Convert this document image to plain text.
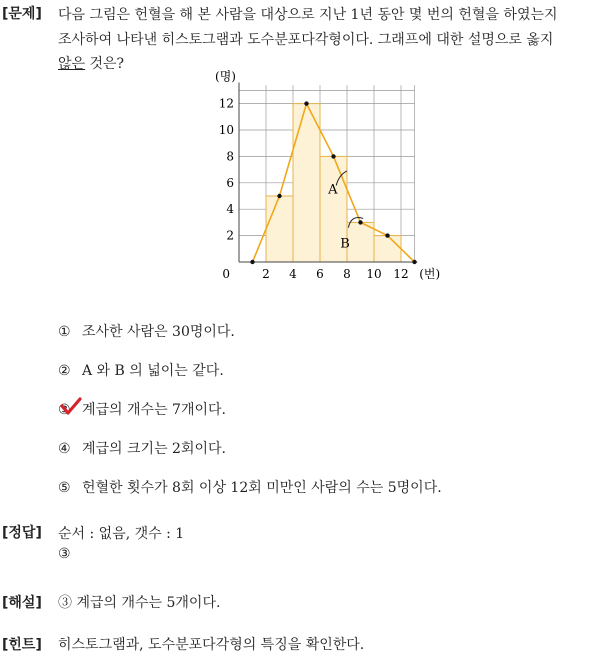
[문제] 다음 그림은 헌혈을 해 본 사람을 대상으로 지난 1년 동안 몇 번의 헌혈을 하였는지
조사하여 나타낸 히스토그램과 도수분포다각형이다. 그래프에 대한 설명으로 옳지
않은 것은?
2
4
6
8
10
12
2 4 6 8 10 12
0
(명)
(번)
A
B
① 조사한 사람은 30명이다.
② A 와 B 의 넓이는 같다.
③ 계급의 개수는 7개이다.
④ 계급의 크기는 2회이다.
⑤ 헌혈한 횟수가 8회 이상 12회 미만인 사람의 수는 5명이다.
[정답] 순서 : 없음, 갯수 : 1
③
[해설] ③ 계급의 개수는 5개이다.
[힌트] 히스토그램과, 도수분포다각형의 특징을 확인한다.
